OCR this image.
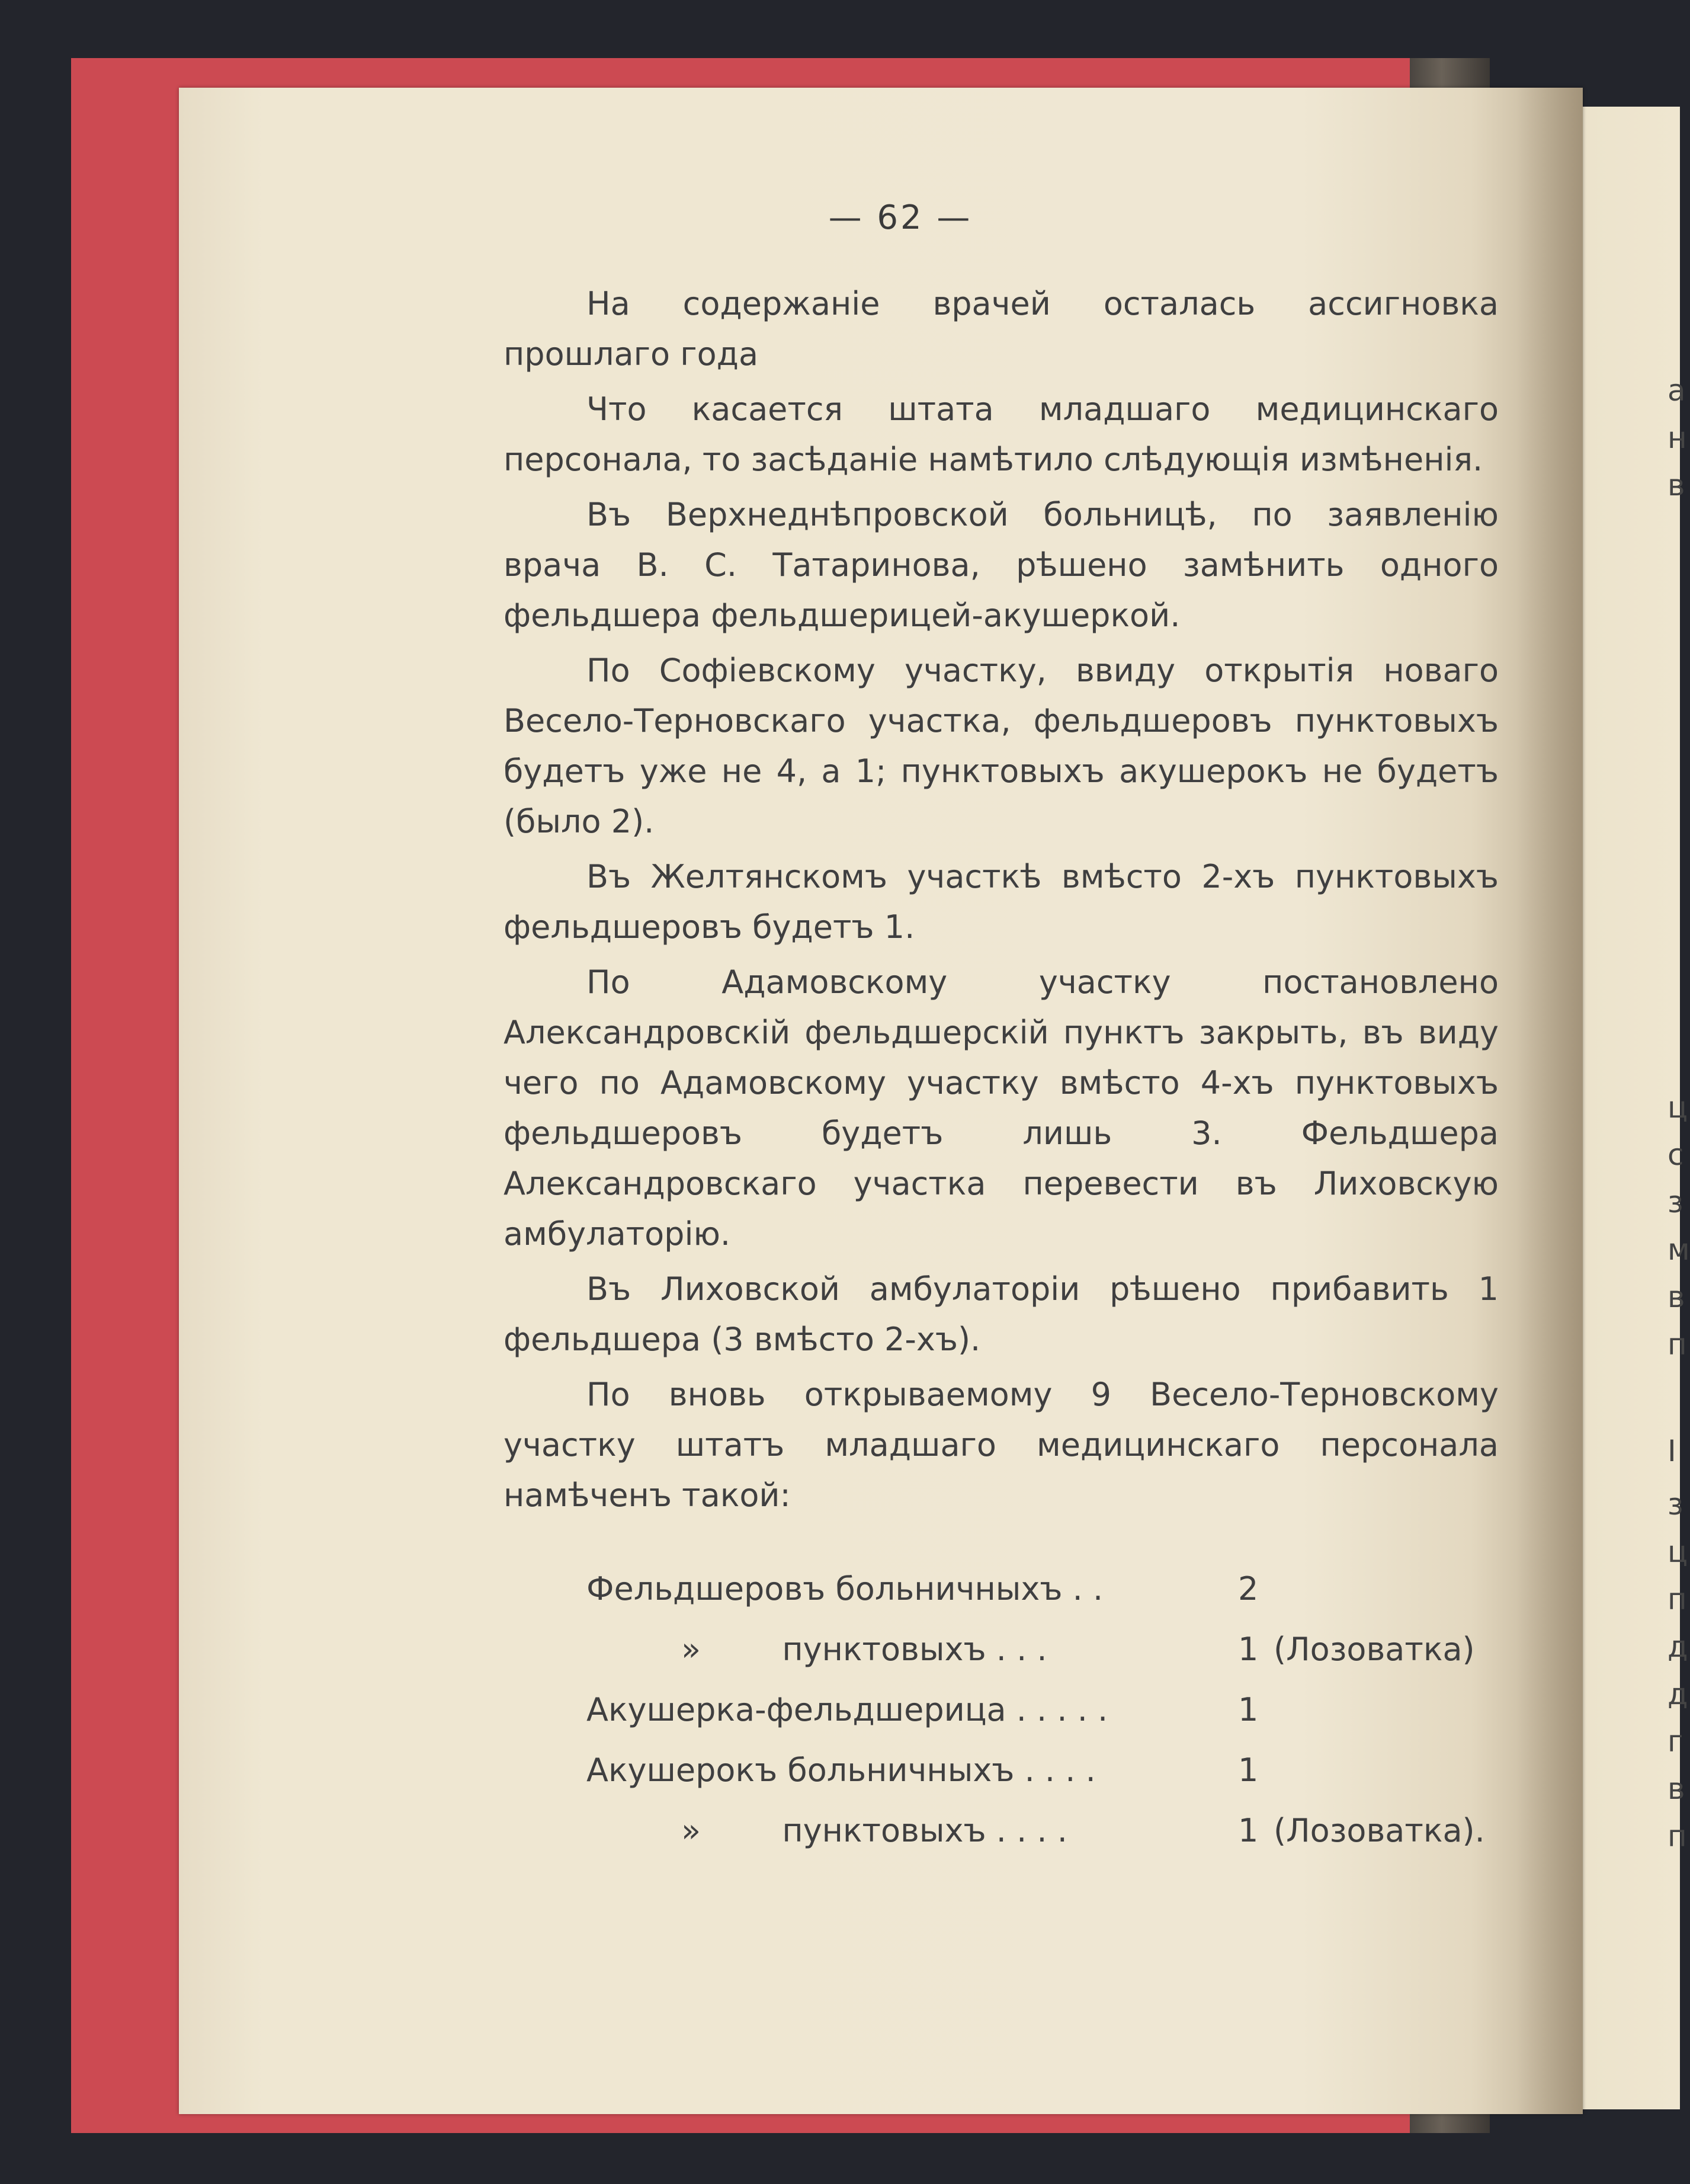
— 62 —

На содержаніе врачей осталась ассигновка прошлаго года

Что касается штата младшаго медицинскаго персонала, то засѣданіе намѣтило слѣдующія измѣненія.

Въ Верхнеднѣпровской больницѣ, по заявленію врача В. С. Татаринова, рѣшено замѣнить одного фельдшера фельдшерицей-акушеркой.

По Софіевскому участку, ввиду открытія новаго Весело-Терновскаго участка, фельдшеровъ пунктовыхъ будетъ уже не 4, а 1; пунктовыхъ акушерокъ не будетъ (было 2).

Въ Желтянскомъ участкѣ вмѣсто 2-хъ пунктовыхъ фельдшеровъ будетъ 1.

По Адамовскому участку постановлено Александровскій фельдшерскій пунктъ закрыть, въ виду чего по Адамовскому участку вмѣсто 4-хъ пунктовыхъ фельдшеровъ будетъ лишь 3. Фельдшера Александровскаго участка перевести въ Лиховскую амбулаторію.

Въ Лиховской амбулаторіи рѣшено прибавить 1 фельдшера (3 вмѣсто 2-хъ).

По вновь открываемому 9 Весело-Терновскому участку штатъ младшаго медицинскаго персонала намѣченъ такой:

Фельдшеровъ больничныхъ . .	2
»        пунктовыхъ . . .	1 (Лозоватка)
Акушерка-фельдшерица . . . . .	1
Акушерокъ больничныхъ . . . .	1
»        пунктовыхъ . . . .	1 (Лозоватка).
а
н
в
ц
с
з
м
в
п
І
з
ц
п
д
д
г
в
п
